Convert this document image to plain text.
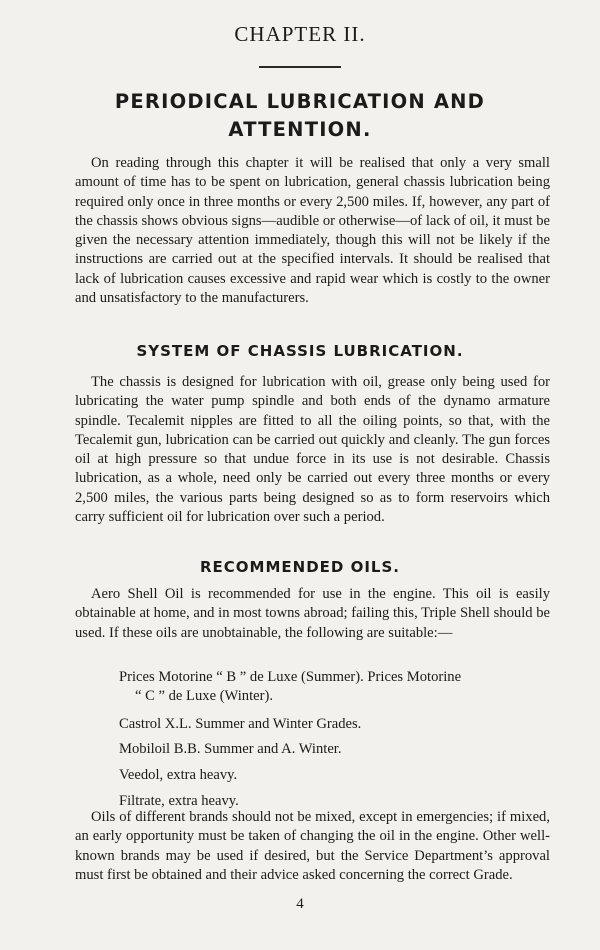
CHAPTER II.
PERIODICAL LUBRICATION AND
ATTENTION.

On reading through this chapter it will be realised that only a very small amount of time has to be spent on lubrication, general chassis lubrication being required only once in three months or every 2,500 miles. If, however, any part of the chassis shows obvious signs—audible or otherwise—of lack of oil, it must be given the necessary attention immediately, though this will not be likely if the instructions are carried out at the specified intervals. It should be realised that lack of lubrication causes excessive and rapid wear which is costly to the owner and unsatisfactory to the manufacturers.

SYSTEM OF CHASSIS LUBRICATION.

The chassis is designed for lubrication with oil, grease only being used for lubricating the water pump spindle and both ends of the dynamo armature spindle. Tecalemit nipples are fitted to all the oiling points, so that, with the Tecalemit gun, lubrication can be carried out quickly and cleanly. The gun forces oil at high pressure so that undue force in its use is not desirable. Chassis lubrication, as a whole, need only be carried out every three months or every 2,500 miles, the various parts being designed so as to form reservoirs which carry sufficient oil for lubrication over such a period.

RECOMMENDED OILS.

Aero Shell Oil is recommended for use in the engine. This oil is easily obtainable at home, and in most towns abroad; failing this, Triple Shell should be used. If these oils are unobtainable, the following are suitable:—

Prices Motorine “ B ” de Luxe (Summer). Prices Motorine
“ C ” de Luxe (Winter).
Castrol X.L. Summer and Winter Grades.
Mobiloil B.B. Summer and A. Winter.
Veedol, extra heavy.
Filtrate, extra heavy.

Oils of different brands should not be mixed, except in emergencies; if mixed, an early opportunity must be taken of changing the oil in the engine. Other well-known brands may be used if desired, but the Service Department’s approval must first be obtained and their advice asked concerning the correct Grade.

4
